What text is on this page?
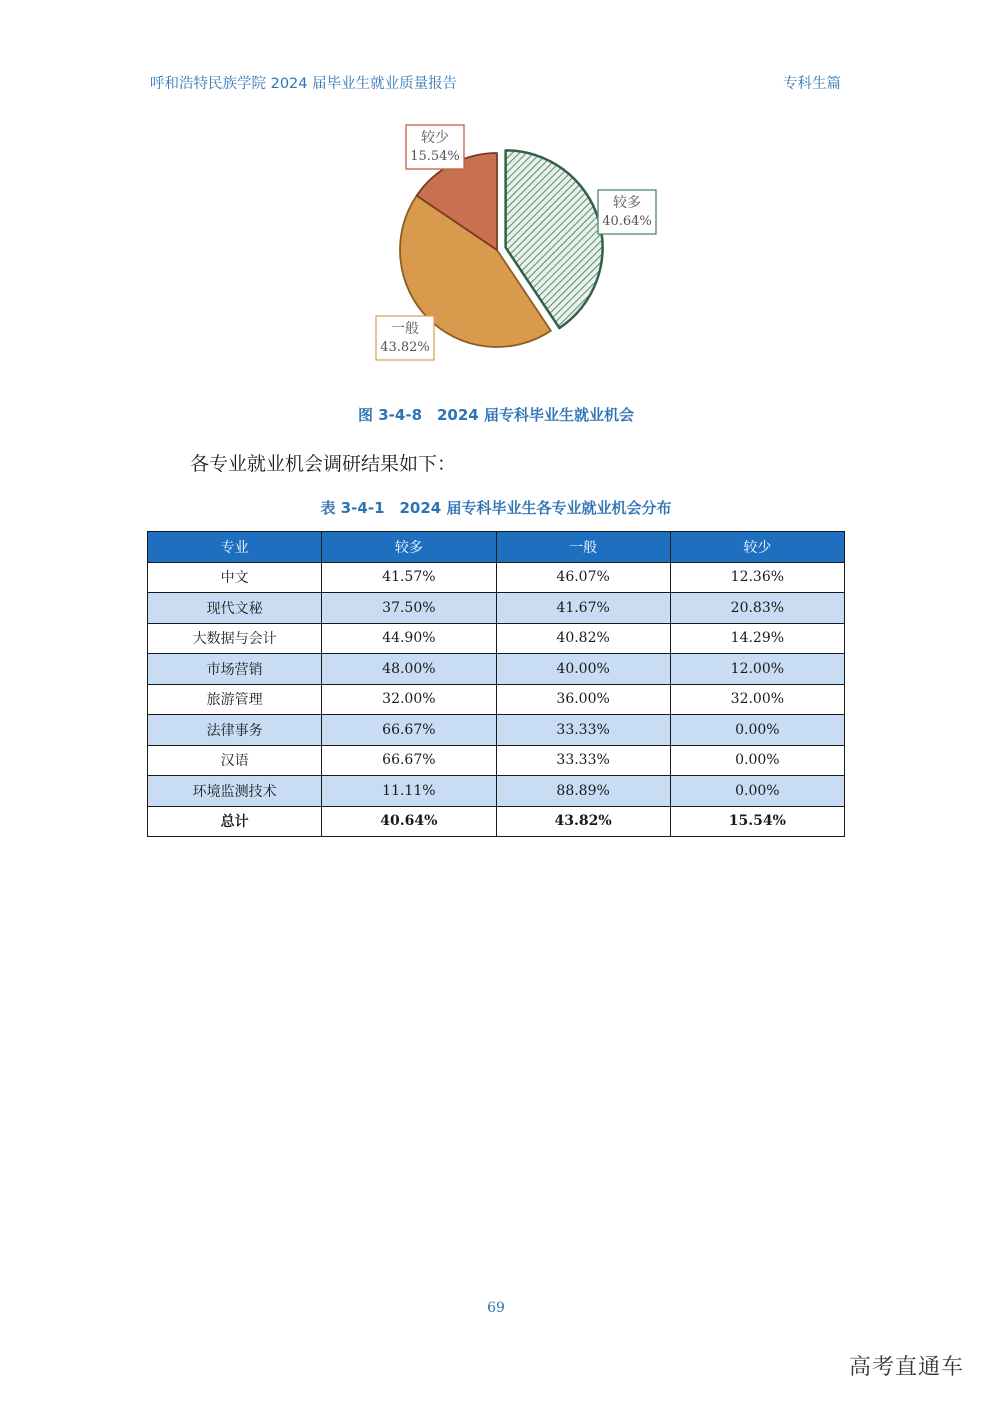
呼和浩特民族学院 2024 届毕业生就业质量报告	专科生篇
较多
40.64%
一般
43.82%
较少
15.54%
图 3-4-8　2024 届专科毕业生就业机会
各专业就业机会调研结果如下：
表 3-4-1　2024 届专科毕业生各专业就业机会分布
专业	较多	一般	较少
中文	41.57%	46.07%	12.36%
现代文秘	37.50%	41.67%	20.83%
大数据与会计	44.90%	40.82%	14.29%
市场营销	48.00%	40.00%	12.00%
旅游管理	32.00%	36.00%	32.00%
法律事务	66.67%	33.33%	0.00%
汉语	66.67%	33.33%	0.00%
环境监测技术	11.11%	88.89%	0.00%
总计	40.64%	43.82%	15.54%
69
高考直通车
